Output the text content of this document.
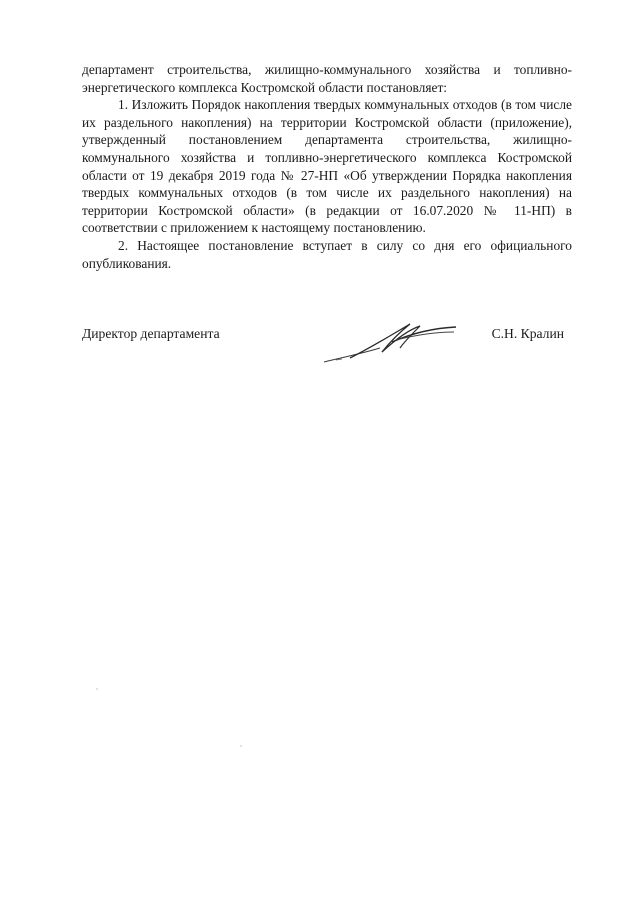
департамент строительства, жилищно-коммунального хозяйства и топливно-энергетического комплекса Костромской области постановляет:

1. Изложить Порядок накопления твердых коммунальных отходов (в том числе их раздельного накопления) на территории Костромской области (приложение), утвержденный постановлением департамента строительства, жилищно-коммунального хозяйства и топливно-энергетического комплекса Костромской области от 19 декабря 2019 года № 27-НП «Об утверждении Порядка накопления твердых коммунальных отходов (в том числе их раздельного накопления) на территории Костромской области» (в редакции от 16.07.2020 № 11-НП) в соответствии с приложением к настоящему постановлению.

2. Настоящее постановление вступает в силу со дня его официального опубликования.

Директор департамента	С.Н. Кралин
